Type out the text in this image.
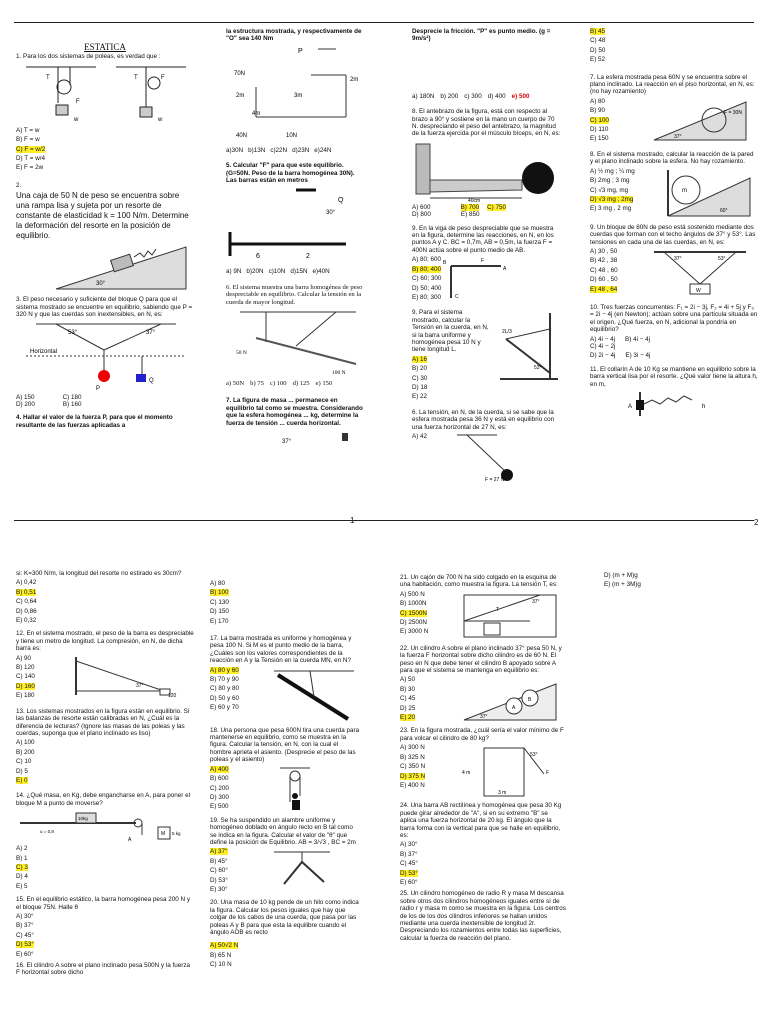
ESTATICA

1. Para los dos sistemas de poleas, es verdad que :

T
F
w
T	F
w

A) T = w

B) F = w

C) F = w/2

D) T = w/4

E) F = 2w

2.

Una caja de 50 N de peso se encuentra sobre una rampa lisa y sujeta por un resorte de constante de elasticidad k = 100 N/m. Determine la deformación del resorte en la posición de equilibrio.

30°

3. El peso necesario y suficiente del bloque Q para que el sistema mostrado se encuentre en equilibrio, sabiendo que P = 320 N y que las cuerdas son inextensibles, en N, es:

53°	37°
Horizontal
P
Q
A) 150	C) 180
D) 200	B) 160

4. Hallar el valor de la fuerza P, para que el momento resultante de las fuerzas aplicadas a

la estructura mostrada, y respectivamente de "O" sea 140 Nm

P
70N
2m	3m
2m
4m
40N	10N
a)30N b)13N c)22N d)23N e)24N

5. Calcular "F" para que este equilibrio. (G=50N. Peso de la barra homogénea 30N). Las barras están en metros

Q
30°
6	2
a) 9N b)20N c)10N d)15N e)40N

6. El sistema muestra una barra homogénea de peso despreciable en equilibrio. Calcular la tensión en la cuerda de mayor longitud.

50 N
100 N
a) 50N b) 75 c) 100 d) 125 e) 150

7. La figura de masa ... permanece en equilibrio tal como se muestra. Considerando que la esfera homogénea ... kg, determine la fuerza de tensión ... cuerda horizontal.

37°

Desprecie la fricción. "P" es punto medio. (g = 9m/s²)

a) 180N b) 200 c) 300 d) 400 e) 500

8. El antebrazo de la figura, está con respecto al brazo a 90° y sostiene en la mano un cuerpo de 70 N. despreciando el peso del antebrazo, la magnitud de la fuerza ejercida por el músculo bíceps, en N, es:

40cm
A) 600	B) 700 C) 750
D) 800	E) 850

9. En la viga de peso despreciable que se muestra en la figura, determine las reacciones, en N, en los puntos A y C. BC = 0,7m, AB = 0,5m, la fuerza F = 400N actúa sobre el punto medio de AB.

A) 80; 600

B) 80; 400

C) 60; 300

D) 50; 400

E) 80; 300

B	F
A
C

9. Para el sistema mostrado, calcular la Tensión en la cuerda, en N, si la barra uniforme y homogénea pesa 10 N y tiene longitud L.

A) 16

B) 20

C) 30

D) 18

E) 22

2L/3
53°

6. La tensión, en N, de la cuerda, si se sabe que la esfera mostrada pesa 36 N y está en equilibrio con una fuerza horizontal de 27 N, es:

A) 42

F = 27 N

B) 45

C) 48

D) 50

E) 52

7. La esfera mostrada pesa 60N y se encuentra sobre el plano inclinado. La reacción en el piso horizontal, en N, es: (no hay rozamiento)

A) 80

B) 90

C) 100

D) 110

E) 150

F = 30N
37°

8. En el sistema mostrado, calcular la reacción de la pared y el plano inclinado sobre la esfera. No hay rozamiento.

A) ½ mg ; ¼ mg

B) 2mg ; 3 mg

C) √3 mg, mg

D) √3 mg ; 2mg

E) 3 mg , 2 mg

m
60°

9. Un bloque de 80N de peso está sostenido mediante dos cuerdas que forman con el techo ángulos de 37° y 53°. Las tensiones en cada una de las cuerdas, en N, es:

A) 30 , 50

B) 42 , 38

C) 48 , 60

D) 60 , 50

E) 48 , 64

37°	53°
W

10. Tres fuerzas concurrentes: F₁ = 2i − 3j, F₂ = 4i + 5j y F₃ = 2i − 4j (en Newton); actúan sobre una partícula situada en el origen. ¿Qué fuerza, en N, adicional la pondría en equilibrio?

A) 4i − 4j B) 4i − 4j

C) 4i − 2j

D) 2i − 4j E) 3i − 4j

11. El collarín A de 10 Kg se mantiene en equilibrio sobre la barra vertical lisa por el resorte. ¿Qué valor tiene la altura h, en m,

A	h
1	2

si: K=300 N/m, la longitud del resorte no estirado es 30cm?

A) 0,42

B) 0,51

C) 0,64

D) 0,86

E) 0,32

12. En el sistema mostrado, el peso de la barra es despreciable y tiene un metro de longitud. La compresión, en N, de dicha barra es:

A) 90

B) 120

C) 140

D) 160

E) 180

37°
120

13. Los sistemas mostrados en la figura están en equilibrio. Si las balanzas de resorte están calibradas en N, ¿Cuál es la diferencia de lecturas? (Ignore las masas de las poleas y las cuerdas, suponga que el plano inclinado es liso)

A) 100

B) 200

C) 10

D) 5

E) 0

14. ¿Qué masa, en Kg, debe engancharse en A, para poner el bloque M a punto de moverse?

10kg
u = 0,8
A
M 5 kg

A) 2

B) 1

C) 3

D) 4

E) 5

15. En el equilibrio estático, la barra homogénea pesa 200 N y el bloque 75N. Halle θ

A) 30°

B) 37°

C) 45°

D) 53°

E) 60°

16. El cilindro A sobre el plano inclinado pesa 500N y la fuerza F horizontal sobre dicho

A) 80

B) 100

C) 130

D) 150

E) 170

17. La barra mostrada es uniforme y homogénea y pesa 100 N. Si M es el punto medio de la barra, ¿Cuáles son los valores correspondientes de la reacción en A y la Tensión en la cuerda MN, en N?

A) 80 y 60

B) 70 y 90

C) 80 y 80

D) 50 y 60

E) 60 y 70

18. Una persona que pesa 600N tira una cuerda para mantenerse en equilibrio, como se muestra en la figura. Calcular la tensión, en N, con la cual el hombre aprieta el asiento. (Desprecie el peso de las poleas y el asiento)

A) 400

B) 600

C) 200

D) 300

E) 500

19. Se ha suspendido un alambre uniforme y homogéneo doblado en ángulo recto en B tal como se indica en la figura. Calcular el valor de "θ" que define la posición de Equilibrio. AB = 3/√3 , BC = 2m

A) 37°

B) 45°

C) 60°

D) 53°

E) 30°

20. Una masa de 10 kg pende de un hilo como indica la figura. Calcular los pesos iguales que hay que colgar de los cabos de una cuerda, que pasa por las poleas A y B para que esta la equilibre cuando el ángulo AOB es recto

A) 50√2 N

B) 65 N

C) 10 N

21. Un cajón de 700 N ha sido colgado en la esquina de una habitación, como muestra la figura. La tensión T, es:

A) 500 N

B) 1000N

C) 1500N

D) 2500N

E) 3000 N

T
37°

22. Un cilindro A sobre el plano inclinado 37° pesa 50 N, y la fuerza F horizontal sobre dicho cilindro es de 60 N. El peso en N que debe tener el cilindro B apoyado sobre A para que el sistema se mantenga en equilibrio es:

A) 50

B) 30

C) 45

D) 25

E) 20

A
B
37°

23. En la figura mostrada, ¿cuál sería el valor mínimo de F para volcar el cilindro de 80 kg?

A) 300 N

B) 325 N

C) 350 N

D) 375 N

E) 400 N

4 m
3 m
53°
F

24. Una barra AB rectilínea y homogénea que pesa 30 Kg puede girar alrededor de "A", si en su extremo "B" se aplica una fuerza horizontal de 20 kg. El ángulo que la barra forma con la vertical para que se halle en equilibrio, es:

A) 30°

B) 37°

C) 45°

D) 53°

E) 60°

25. Un cilindro homogéneo de radio R y masa M descansa sobre otros dos cilindros homogéneos iguales entre sí de radio r y masa m como se muestra en la figura. Los centros de los de los dos cilindros inferiores se hallan unidos mediante una cuerda inextensible de longitud 2r. Despreciando los rozamientos entre todas las superficies, calcular la fuerza de reacción del plano.

D) (m + M)g

E) (m + 3M)g
